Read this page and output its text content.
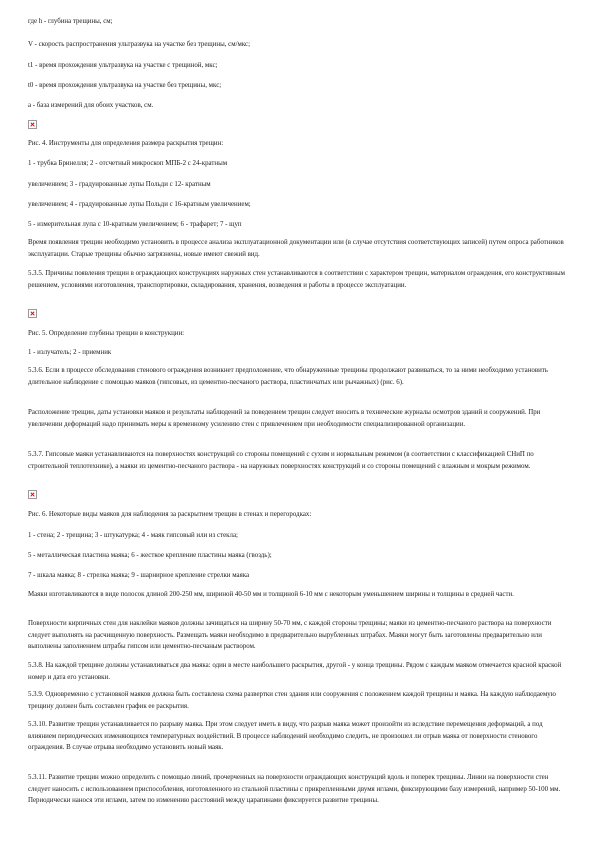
где h - глубина трещины, см;

V - скорость распространения ультразвука на участке без трещины, см/мкс;

t1 - время прохождения ультразвука на участке с трещиной, мкс;

t0 - время прохождения ультразвука на участке без трещины, мкс;

a - база измерений для обоих участков, см.

Рис. 4. Инструменты для определения размера раскрытия трещин:

1 - трубка Бринелля; 2 - отсчетный микроскоп МПБ-2 с 24-кратным

увеличением; 3 - градуированные лупы Польди с 12- кратным

увеличением; 4 - градуированные лупы Польди с 16-кратным увеличением;

5 - измерительная лупа с 10-кратным увеличением; 6 - трафарет; 7 - щуп

Время появления трещин необходимо установить в процессе анализа эксплуатационной документации или (в случае отсутствия соответствующих записей) путем опроса работников эксплуатации. Старые трещины обычно загрязнены, новые имеют свежий вид.

5.3.5. Причины появления трещин в ограждающих конструкциях наружных стен устанавливаются в соответствии с характером трещин, материалом ограждения, его конструктивным решением, условиями изготовления, транспортировки, складирования, хранения, возведения и работы в процессе эксплуатации.

Рис. 5. Определение глубины трещин в конструкции:

1 - излучатель; 2 - приемник

5.3.6. Если в процессе обследования стенового ограждения возникнет предположение, что обнаруженные трещины продолжают развиваться, то за ними необходимо установить длительное наблюдение с помощью маяков (гипсовых, из цементно-песчаного раствора, пластинчатых или рычажных) (рис. 6).

Расположение трещин, даты установки маяков и результаты наблюдений за поведением трещин следует вносить в технические журналы осмотров зданий и сооружений. При увеличении деформаций надо принимать меры к временному усилению стен с привлечением при необходимости специализированной организации.

5.3.7. Гипсовые маяки устанавливаются на поверхностях конструкций со стороны помещений с сухим и нормальным режимом (в соответствии с классификацией СНиП по строительной теплотехнике), а маяки из цементно-песчаного раствора - на наружных поверхностях конструкций и со стороны помещений с влажным и мокрым режимом.

Рис. 6. Некоторые виды маяков для наблюдения за раскрытием трещин в стенах и перегородках:

1 - стена; 2 - трещина; 3 - штукатурка; 4 - маяк гипсовый или из стекла;

5 - металлическая пластина маяка; 6 - жесткое крепление пластины маяка (гвоздь);

7 - шкала маяка; 8 - стрелка маяка; 9 - шарнирное крепление стрелки маяка

Маяки изготавливаются в виде полосок длиной 200-250 мм, шириной 40-50 мм и толщиной 6-10 мм с некоторым уменьшением ширины и толщины в средней части.

Поверхности кирпичных стен для наклейки маяков должны зачищаться на ширину 50-70 мм, с каждой стороны трещины; маяки из цементно-песчаного раствора на поверхности следует выполнять на расчищенную поверхность. Размещать маяки необходимо в предварительно вырубленных штрабах. Маяки могут быть заготовлены предварительно или выполнены заполнением штрабы гипсом или цементно-песчаным раствором.

5.3.8. На каждой трещине должны устанавливаться два маяка: один в месте наибольшего раскрытия, другой - у конца трещины. Рядом с каждым маяком отмечается красной краской номер и дата его установки.

5.3.9. Одновременно с установкой маяков должна быть составлена схема развертки стен здания или сооружения с положением каждой трещины и маяка. На каждую наблюдаемую трещину должен быть составлен график ее раскрытия.

5.3.10. Развитие трещин устанавливается по разрыву маяка. При этом следует иметь в виду, что разрыв маяка может произойти из вследствие перемещения деформаций, а под влиянием периодических изменяющихся температурных воздействий. В процессе наблюдений необходимо следить, не произошел ли отрыв маяка от поверхности стенового ограждения. В случае отрыва необходимо установить новый маяк.

5.3.11. Развитие трещин можно определить с помощью линий, прочерченных на поверхности ограждающих конструкций вдоль и поперек трещины. Линии на поверхности стен следует наносить с использованием приспособления, изготовленного из стальной пластины с прикрепленными двумя иглами, фиксирующими базу измерений, например 50-100 мм. Периодически нанося эти иглами, затем по изменению расстояний между царапинами фиксируется развитие трещины.
